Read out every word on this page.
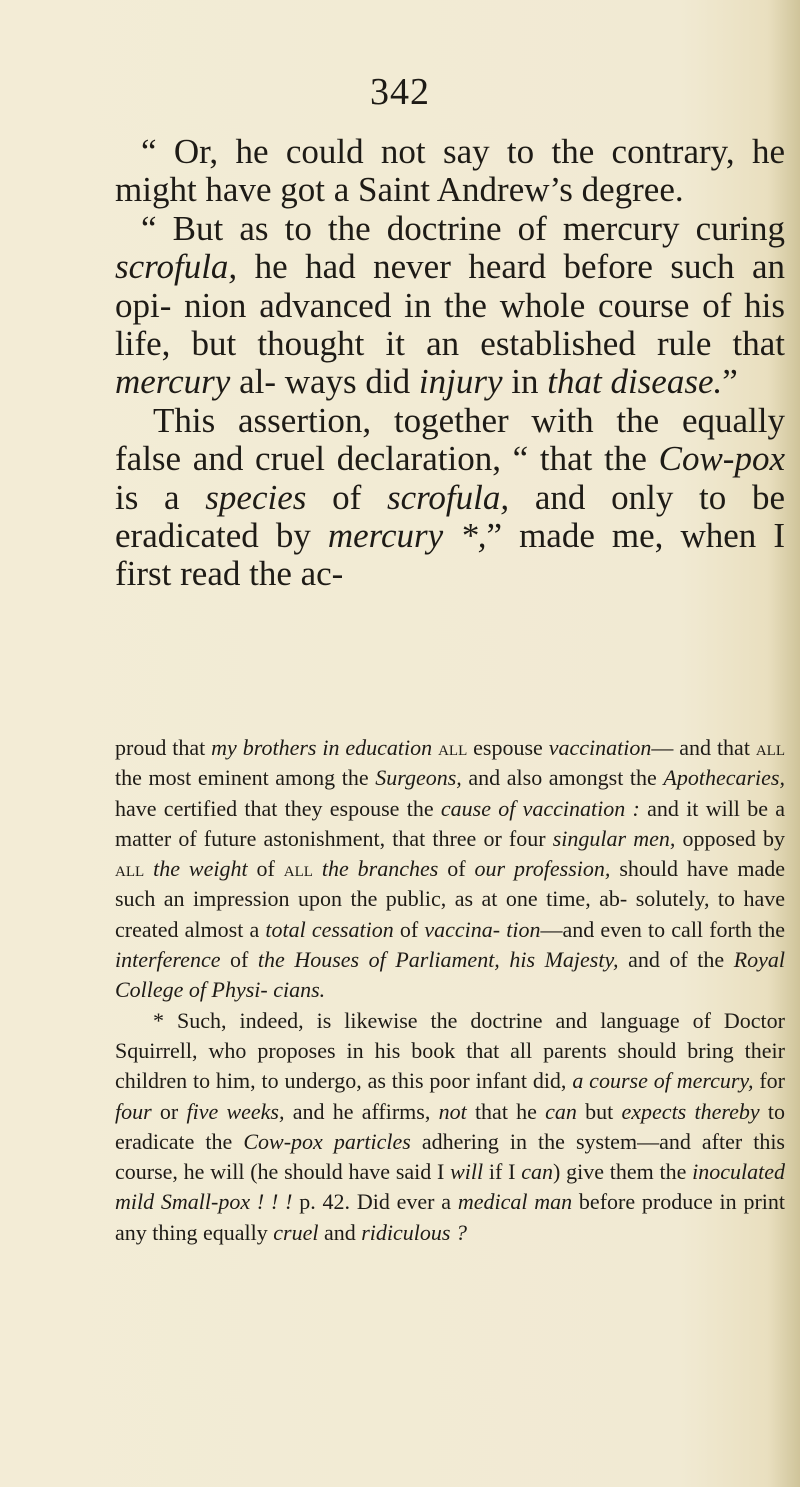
342

“ Or, he could not say to the contrary, he might have got a Saint Andrew’s degree.

“ But as to the doctrine of mercury curing scrofula, he had never heard before such an opi- nion advanced in the whole course of his life, but thought it an established rule that mercury al- ways did injury in that disease.”

This assertion, together with the equally false and cruel declaration, “ that the Cow-pox is a species of scrofula, and only to be eradicated by mercury *,” made me, when I first read the ac-

proud that my brothers in education all espouse vaccination— and that all the most eminent among the Surgeons, and also amongst the Apothecaries, have certified that they espouse the cause of vaccination : and it will be a matter of future astonishment, that three or four singular men, opposed by all the weight of all the branches of our profession, should have made such an impression upon the public, as at one time, ab- solutely, to have created almost a total cessation of vaccina- tion—and even to call forth the interference of the Houses of Parliament, his Majesty, and of the Royal College of Physi- cians.

* Such, indeed, is likewise the doctrine and language of Doctor Squirrell, who proposes in his book that all parents should bring their children to him, to undergo, as this poor infant did, a course of mercury, for four or five weeks, and he affirms, not that he can but expects thereby to eradicate the Cow-pox particles adhering in the system—and after this course, he will (he should have said I will if I can) give them the inoculated mild Small-pox ! ! ! p. 42. Did ever a medical man before produce in print any thing equally cruel and ridiculous ?
